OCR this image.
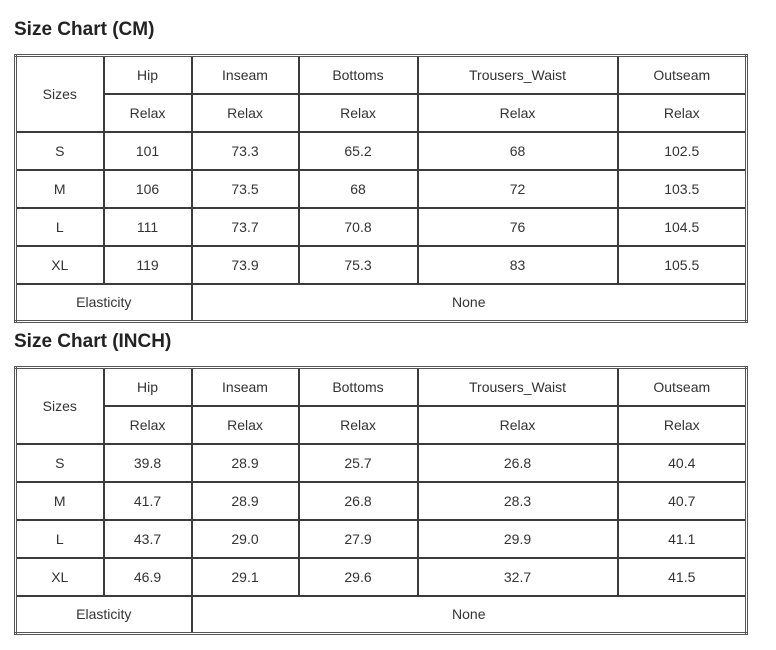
Size Chart (CM)
Sizes	Hip	Inseam	Bottoms	Trousers_Waist	Outseam
	Relax	Relax	Relax	Relax	Relax
S	101	73.3	65.2	68	102.5
M	106	73.5	68	72	103.5
L	111	73.7	70.8	76	104.5
XL	119	73.9	75.3	83	105.5
Elasticity		None			
Size Chart (INCH)
Sizes	Hip	Inseam	Bottoms	Trousers_Waist	Outseam
	Relax	Relax	Relax	Relax	Relax
S	39.8	28.9	25.7	26.8	40.4
M	41.7	28.9	26.8	28.3	40.7
L	43.7	29.0	27.9	29.9	41.1
XL	46.9	29.1	29.6	32.7	41.5
Elasticity		None			
